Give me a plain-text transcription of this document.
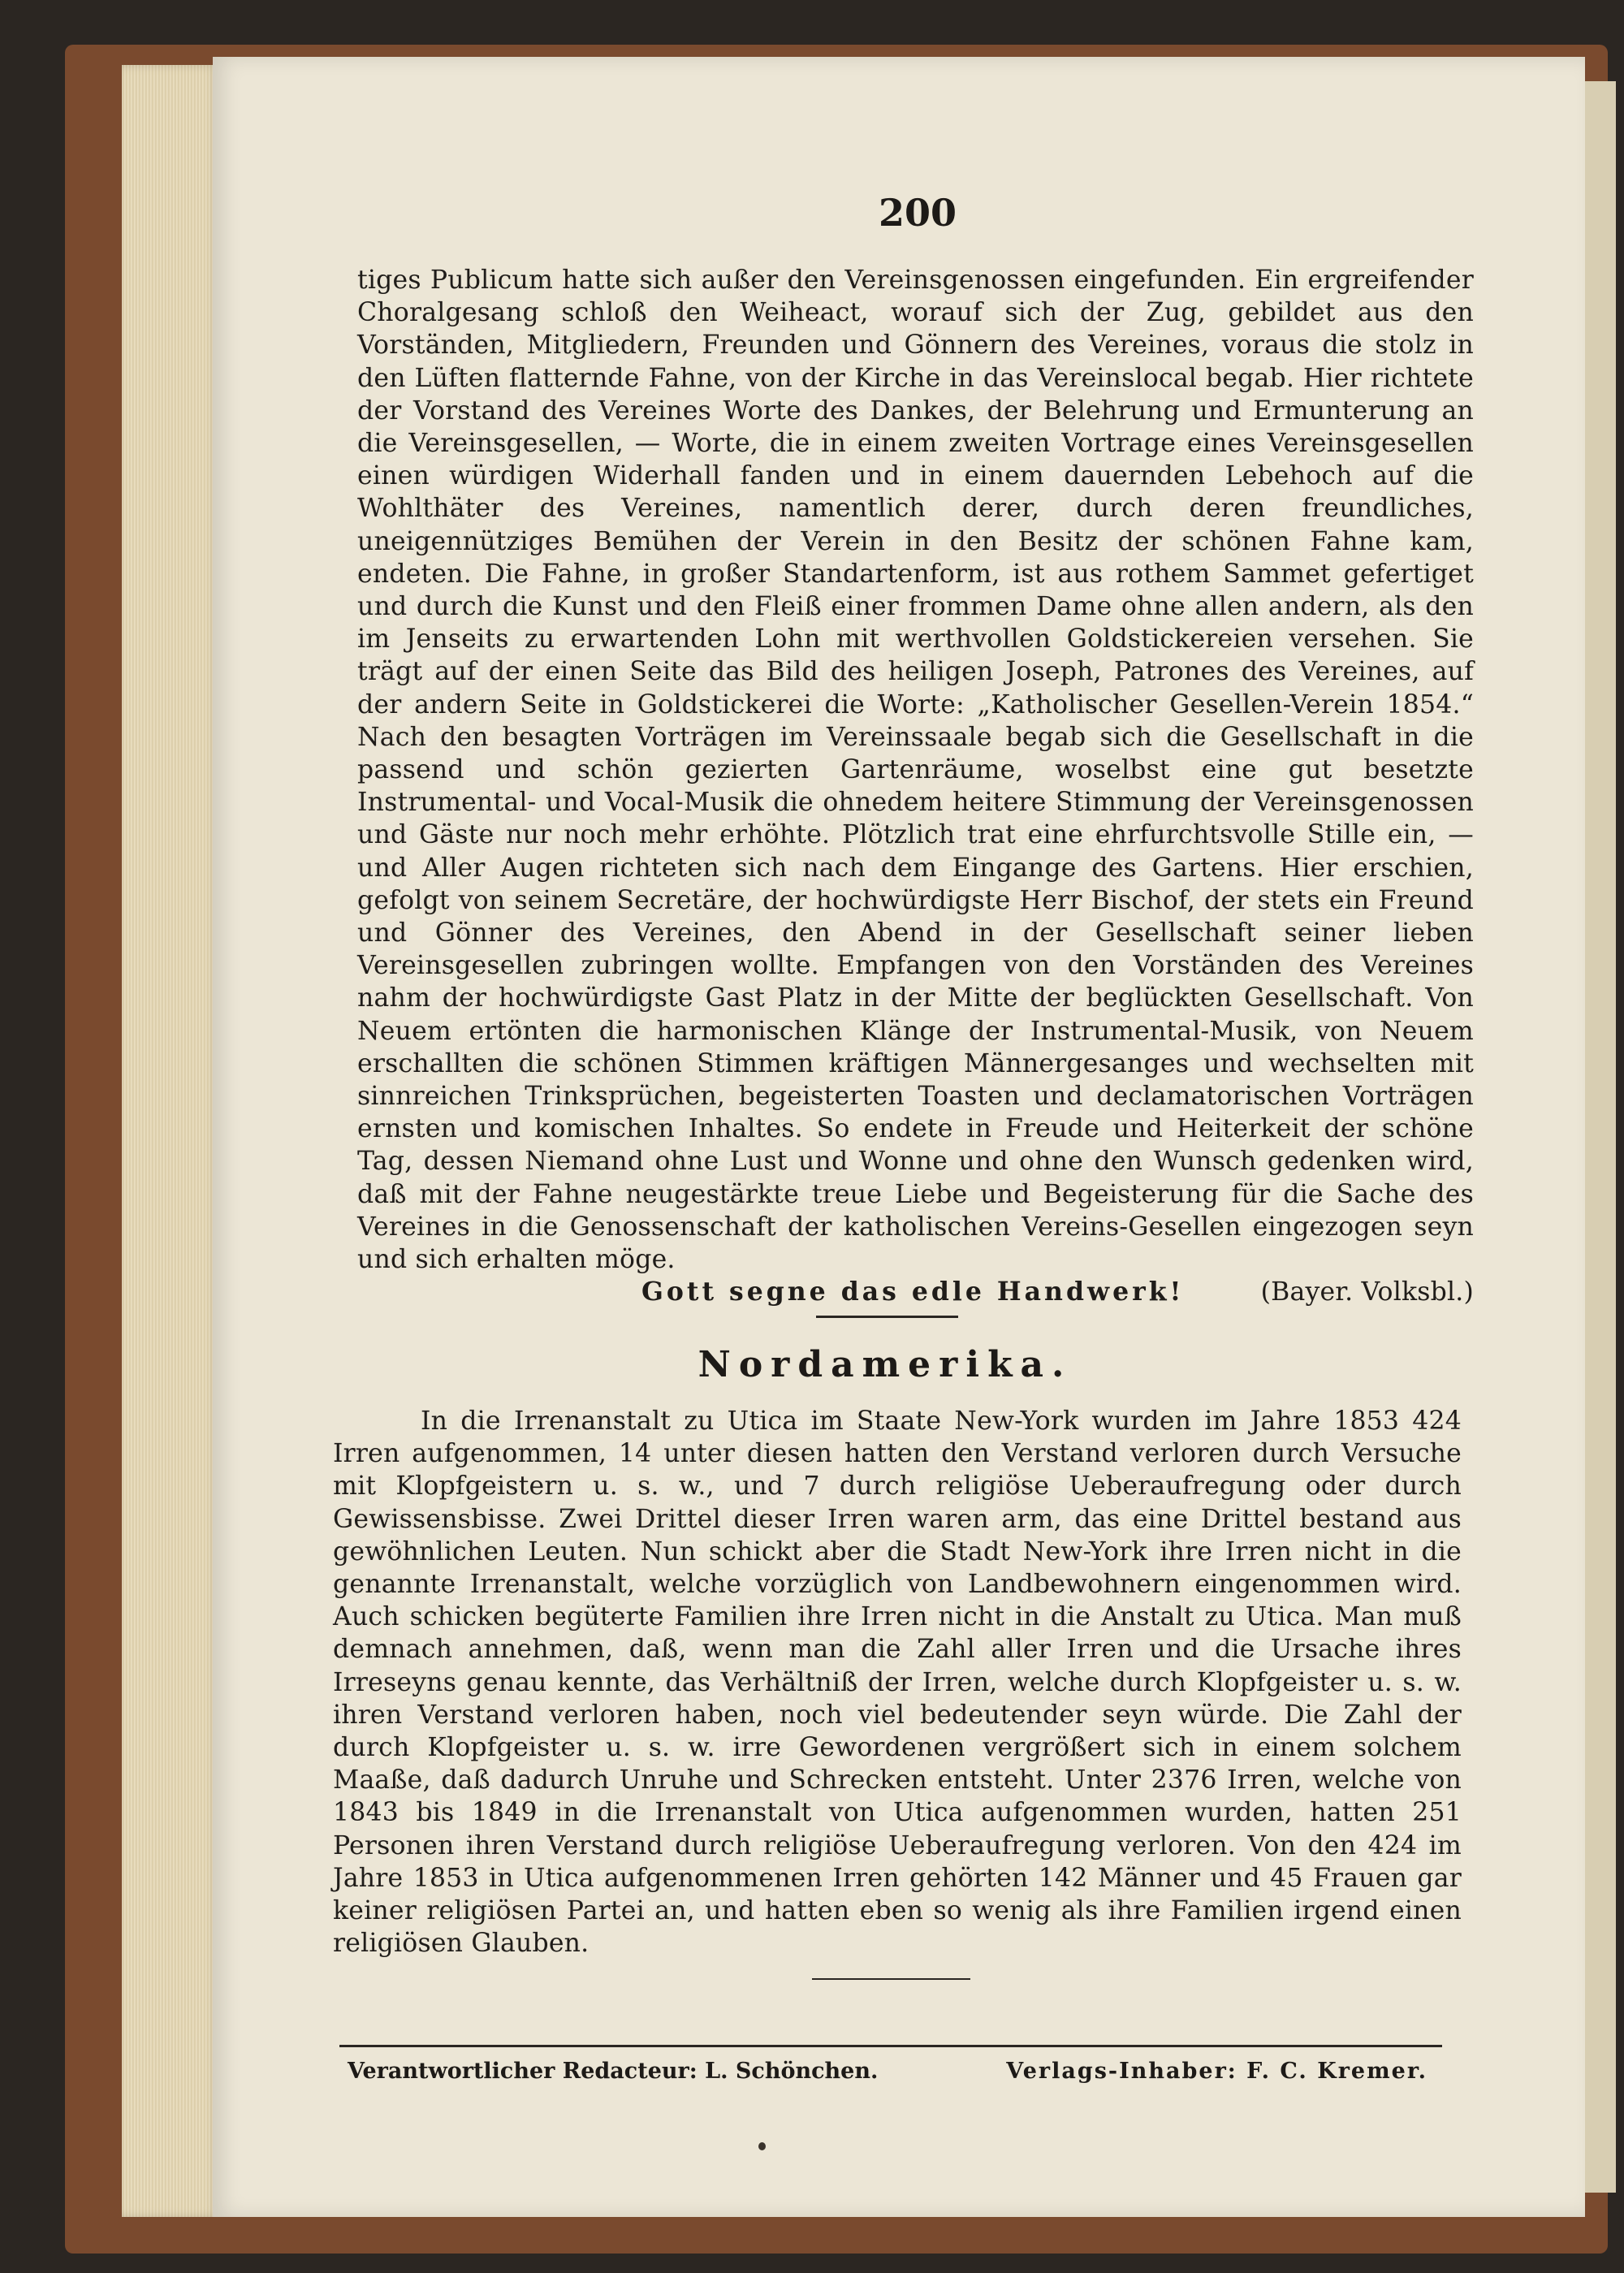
200

tiges Publicum hatte sich außer den Vereinsgenossen eingefunden. Ein ergreifender Choralgesang schloß den Weiheact, worauf sich der Zug, gebildet aus den Vorständen, Mitgliedern, Freunden und Gönnern des Vereines, voraus die stolz in den Lüften flatternde Fahne, von der Kirche in das Vereinslocal begab. Hier richtete der Vorstand des Vereines Worte des Dankes, der Belehrung und Ermunterung an die Vereinsgesellen, — Worte, die in einem zweiten Vortrage eines Vereinsgesellen einen würdigen Widerhall fanden und in einem dauernden Lebehoch auf die Wohlthäter des Vereines, namentlich derer, durch deren freundliches, uneigennütziges Bemühen der Verein in den Besitz der schönen Fahne kam, endeten. Die Fahne, in großer Standartenform, ist aus rothem Sammet gefertiget und durch die Kunst und den Fleiß einer frommen Dame ohne allen andern, als den im Jenseits zu erwartenden Lohn mit werthvollen Goldstickereien versehen. Sie trägt auf der einen Seite das Bild des heiligen Joseph, Patrones des Vereines, auf der andern Seite in Goldstickerei die Worte: „Katholischer Gesellen-Verein 1854.“ Nach den besagten Vorträgen im Vereinssaale begab sich die Gesellschaft in die passend und schön gezierten Gartenräume, woselbst eine gut besetzte Instrumental- und Vocal-Musik die ohnedem heitere Stimmung der Vereinsgenossen und Gäste nur noch mehr erhöhte. Plötzlich trat eine ehrfurchtsvolle Stille ein, — und Aller Augen richteten sich nach dem Eingange des Gartens. Hier erschien, gefolgt von seinem Secretäre, der hochwürdigste Herr Bischof, der stets ein Freund und Gönner des Vereines, den Abend in der Gesellschaft seiner lieben Vereinsgesellen zubringen wollte. Empfangen von den Vorständen des Vereines nahm der hochwürdigste Gast Platz in der Mitte der beglückten Gesellschaft. Von Neuem ertönten die harmonischen Klänge der Instrumental-Musik, von Neuem erschallten die schönen Stimmen kräftigen Männergesanges und wechselten mit sinnreichen Trinksprüchen, begeisterten Toasten und declamatorischen Vorträgen ernsten und komischen Inhaltes. So endete in Freude und Heiterkeit der schöne Tag, dessen Niemand ohne Lust und Wonne und ohne den Wunsch gedenken wird, daß mit der Fahne neugestärkte treue Liebe und Begeisterung für die Sache des Vereines in die Genossenschaft der katholischen Vereins-Gesellen eingezogen seyn und sich erhalten möge.

Gott segne das edle Handwerk!	(Bayer. Volksbl.)
Nordamerika.

In die Irrenanstalt zu Utica im Staate New-York wurden im Jahre 1853 424 Irren aufgenommen, 14 unter diesen hatten den Verstand verloren durch Versuche mit Klopfgeistern u. s. w., und 7 durch religiöse Ueberaufregung oder durch Gewissensbisse. Zwei Drittel dieser Irren waren arm, das eine Drittel bestand aus gewöhnlichen Leuten. Nun schickt aber die Stadt New-York ihre Irren nicht in die genannte Irrenanstalt, welche vorzüglich von Landbewohnern eingenommen wird. Auch schicken begüterte Familien ihre Irren nicht in die Anstalt zu Utica. Man muß demnach annehmen, daß, wenn man die Zahl aller Irren und die Ursache ihres Irreseyns genau kennte, das Verhältniß der Irren, welche durch Klopfgeister u. s. w. ihren Verstand verloren haben, noch viel bedeutender seyn würde. Die Zahl der durch Klopfgeister u. s. w. irre Gewordenen vergrößert sich in einem solchem Maaße, daß dadurch Unruhe und Schrecken entsteht. Unter 2376 Irren, welche von 1843 bis 1849 in die Irrenanstalt von Utica aufgenommen wurden, hatten 251 Personen ihren Verstand durch religiöse Ueberaufregung verloren. Von den 424 im Jahre 1853 in Utica aufgenommenen Irren gehörten 142 Männer und 45 Frauen gar keiner religiösen Partei an, und hatten eben so wenig als ihre Familien irgend einen religiösen Glauben.

Verantwortlicher Redacteur: L. Schönchen.	Verlags-Inhaber: F. C. Kremer.
